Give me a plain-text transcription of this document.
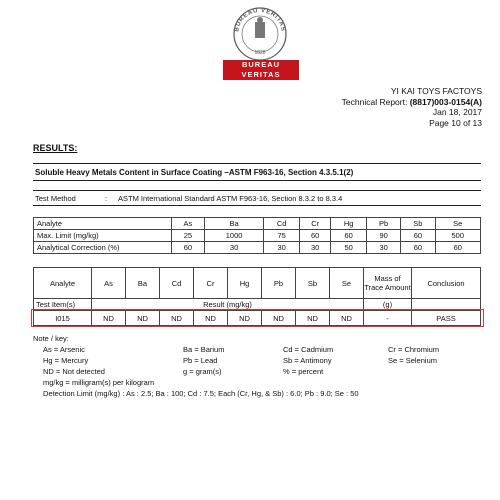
BUREAU VERITAS
1828
BUREAU
VERITAS
YI KAI TOYS FACTOYS
Technical Report: (8817)003-0154(A)
Jan 18, 2017
Page 10 of 13
RESULTS:
Soluble Heavy Metals Content in Surface Coating –ASTM F963-16, Section 4.3.5.1(2)
Test Method	: ASTM International Standard ASTM F963-16, Section 8.3.2 to 8.3.4
Analyte	As	Ba	Cd	Cr	Hg	Pb	Sb	Se
Max. Limit (mg/kg)	25	1000	75	60	60	90	60	500
Analytical Correction (%)	60	30	30	30	50	30	60	60
Analyte	As	Ba	Cd	Cr	Hg	Pb	Sb	Se	Mass of Trace Amount	Conclusion
Test Item(s)	Result (mg/kg)								(g)	
I015	ND	ND	ND	ND	ND	ND	ND	ND	-	PASS
Note / key:
As = Arsenic	Ba = Barium	Cd = Cadmium	Cr = Chromium
Hg = Mercury	Pb = Lead	Sb = Antimony	Se = Selenium
ND = Not detected	g = gram(s)	% = percent
mg/kg = milligram(s) per kilogram
Detection Limit (mg/kg) : As : 2.5; Ba : 100; Cd : 7.5; Each (Cr, Hg, & Sb) : 6.0; Pb : 9.0; Se : 50
